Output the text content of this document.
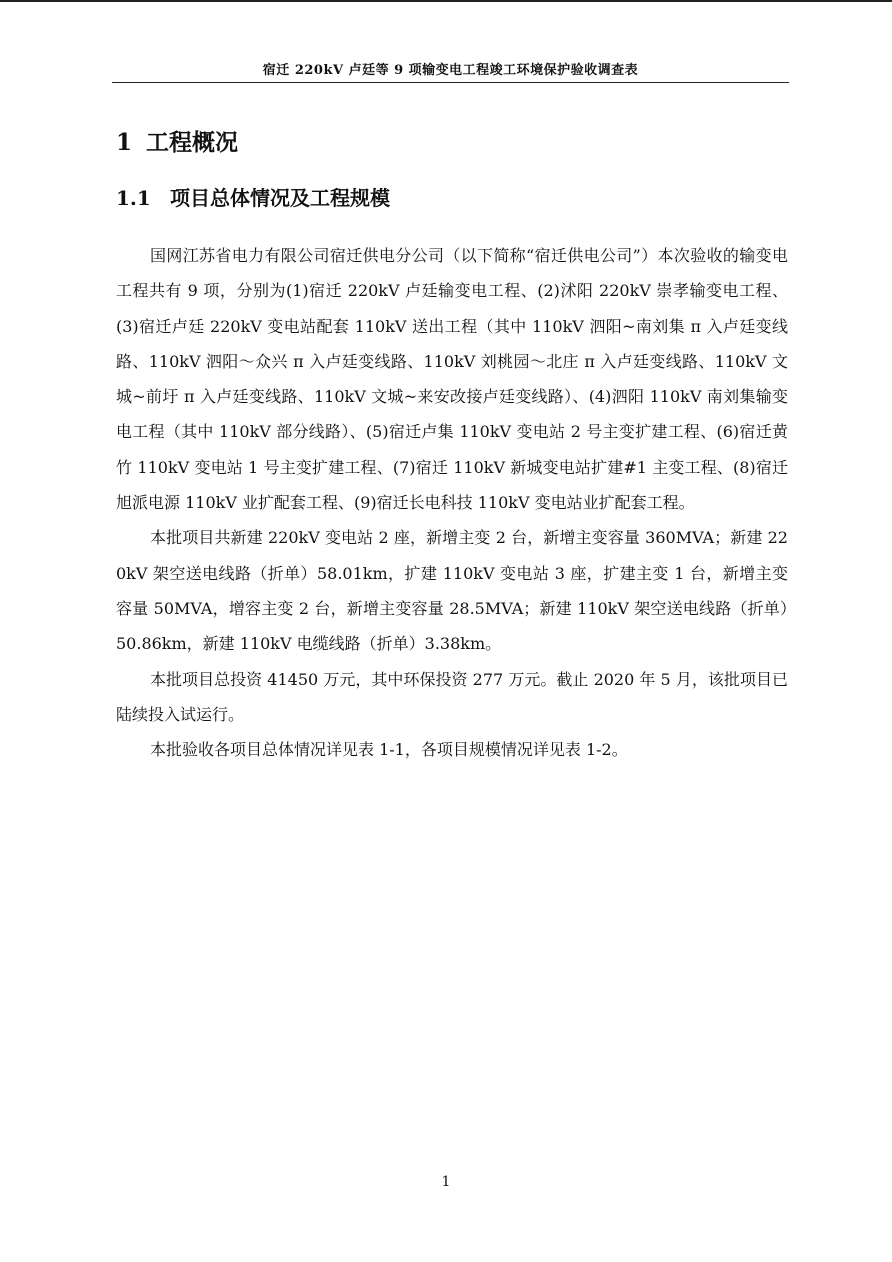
宿迁 220kV 卢廷等 9 项输变电工程竣工环境保护验收调查表
1 工程概况
1.1 项目总体情况及工程规模

国网江苏省电力有限公司宿迁供电分公司（以下简称“宿迁供电公司”）本次验收的输变电工程共有 9 项，分别为(1)宿迁 220kV 卢廷输变电工程、(2)沭阳 220kV 崇孝输变电工程、(3)宿迁卢廷 220kV 变电站配套 110kV 送出工程（其中 110kV 泗阳~南刘集 π 入卢廷变线路、110kV 泗阳～众兴 π 入卢廷变线路、110kV 刘桃园～北庄 π 入卢廷变线路、110kV 文城~前圩 π 入卢廷变线路、110kV 文城~来安改接卢廷变线路）、(4)泗阳 110kV 南刘集输变电工程（其中 110kV 部分线路）、(5)宿迁卢集 110kV 变电站 2 号主变扩建工程、(6)宿迁黄竹 110kV 变电站 1 号主变扩建工程、(7)宿迁 110kV 新城变电站扩建#1 主变工程、(8)宿迁旭派电源 110kV 业扩配套工程、(9)宿迁长电科技 110kV 变电站业扩配套工程。

本批项目共新建 220kV 变电站 2 座，新增主变 2 台，新增主变容量 360MVA；新建 220kV 架空送电线路（折单）58.01km，扩建 110kV 变电站 3 座，扩建主变 1 台，新增主变容量 50MVA，增容主变 2 台，新增主变容量 28.5MVA；新建 110kV 架空送电线路（折单）50.86km，新建 110kV 电缆线路（折单）3.38km。

本批项目总投资 41450 万元，其中环保投资 277 万元。截止 2020 年 5 月，该批项目已陆续投入试运行。

本批验收各项目总体情况详见表 1-1，各项目规模情况详见表 1-2。

1
